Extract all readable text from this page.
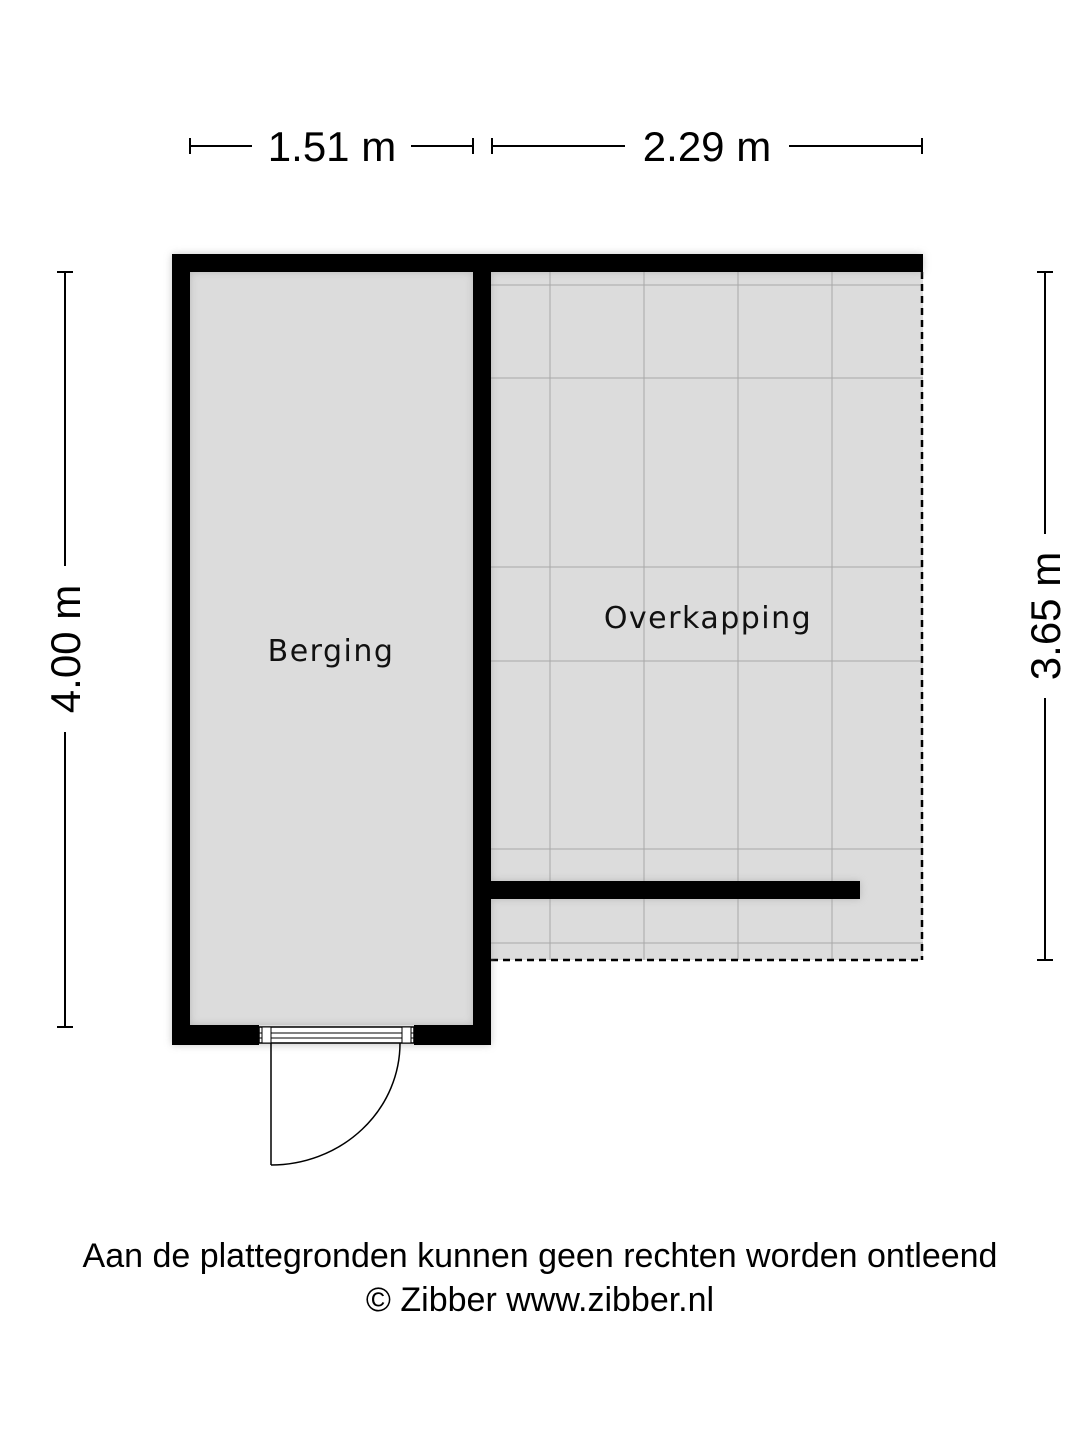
1.51 m	2.29 m
4.00 m	3.65 m
Berging
Overkapping
Aan de plattegronden kunnen geen rechten worden ontleend
© Zibber www.zibber.nl
